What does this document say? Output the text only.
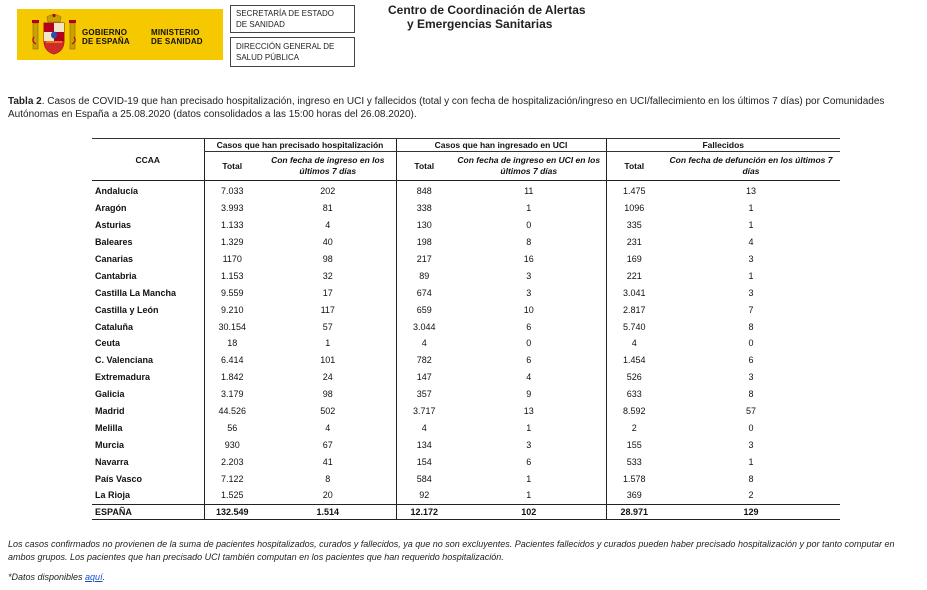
GOBIERNO
DE ESPAÑA
MINISTERIO
DE SANIDAD
SECRETARÍA DE ESTADO
DE SANIDAD
DIRECCIÓN GENERAL DE
SALUD PÚBLICA
Centro de Coordinación de Alertas
y Emergencias Sanitarias
Tabla 2. Casos de COVID-19 que han precisado hospitalización, ingreso en UCI y fallecidos (total y con fecha de hospitalización/ingreso en UCI/fallecimiento en los últimos 7 días) por Comunidades Autónomas en España a 25.08.2020 (datos consolidados a las 15:00 horas del 26.08.2020).
CCAA	Casos que han precisado hospitalización		Casos que han ingresado en UCI		Fallecidos	
	Total	Con fecha de ingreso en los últimos 7 días	Total	Con fecha de ingreso en UCI en los últimos 7 días	Total	Con fecha de defunción en los últimos 7 días
Andalucía	7.033	202	848	11	1.475	13
Aragón	3.993	81	338	1	1096	1
Asturias	1.133	4	130	0	335	1
Baleares	1.329	40	198	8	231	4
Canarias	1170	98	217	16	169	3
Cantabria	1.153	32	89	3	221	1
Castilla La Mancha	9.559	17	674	3	3.041	3
Castilla y León	9.210	117	659	10	2.817	7
Cataluña	30.154	57	3.044	6	5.740	8
Ceuta	18	1	4	0	4	0
C. Valenciana	6.414	101	782	6	1.454	6
Extremadura	1.842	24	147	4	526	3
Galicia	3.179	98	357	9	633	8
Madrid	44.526	502	3.717	13	8.592	57
Melilla	56	4	4	1	2	0
Murcia	930	67	134	3	155	3
Navarra	2.203	41	154	6	533	1
País Vasco	7.122	8	584	1	1.578	8
La Rioja	1.525	20	92	1	369	2
ESPAÑA	132.549	1.514	12.172	102	28.971	129
Los casos confirmados no provienen de la suma de pacientes hospitalizados, curados y fallecidos, ya que no son excluyentes. Pacientes fallecidos y curados pueden haber precisado hospitalización y por tanto computar en ambos grupos. Los pacientes que han precisado UCI también computan en los pacientes que han requerido hospitalización.
*Datos disponibles aquí.
